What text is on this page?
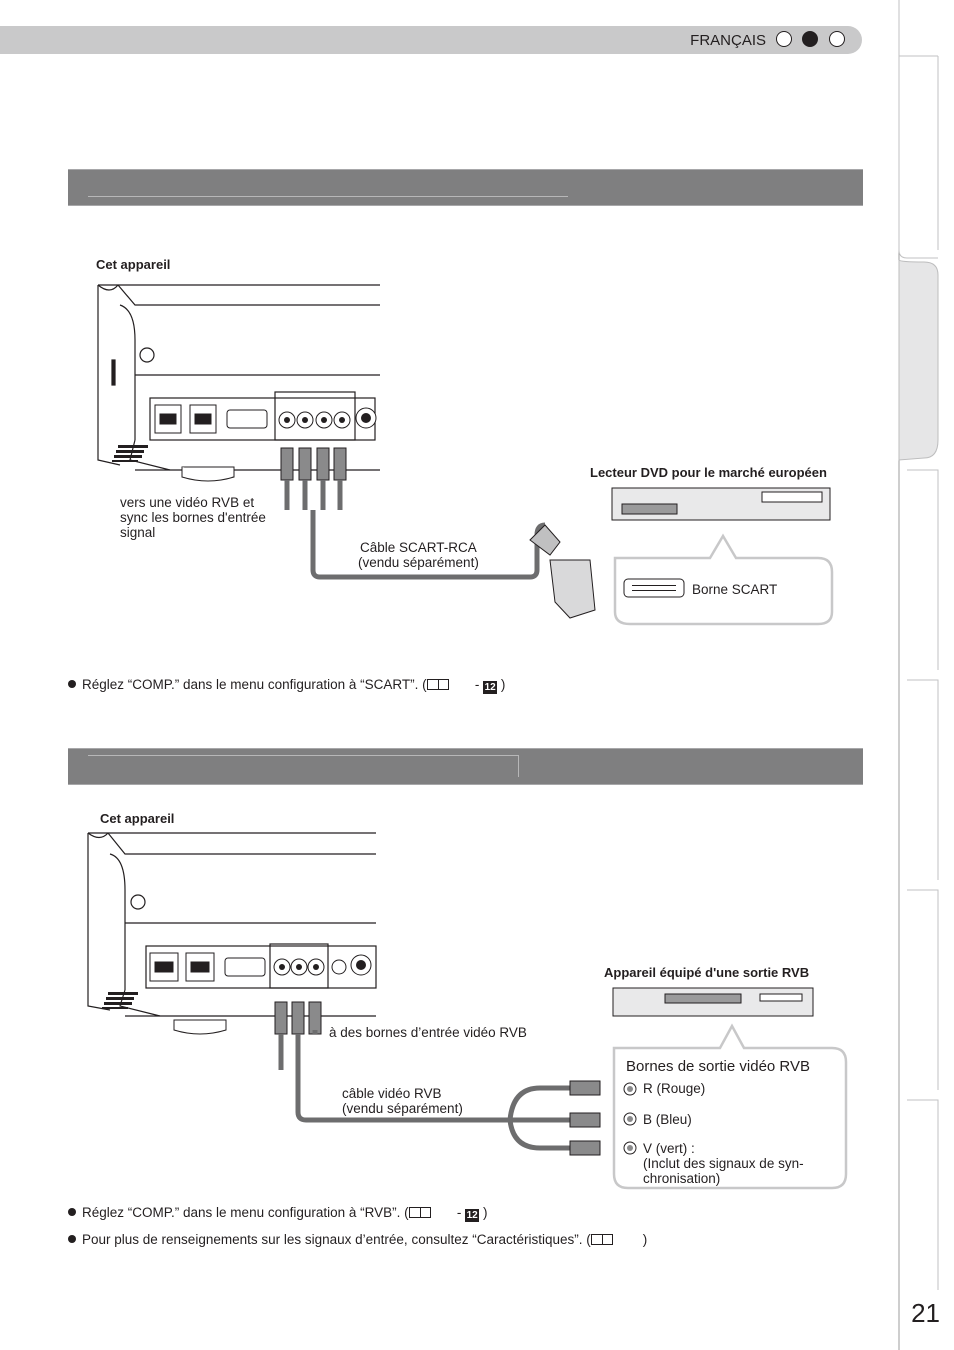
FRANÇAIS
Cet appareil
Lecteur DVD pour le marché européen
vers une vidéo RVB et
sync les bornes d'entrée
signal
Câble SCART-RCA
(vendu séparément)
Borne SCART
Réglez “COMP.” dans le menu configuration à “SCART”. (       - 12 )
Cet appareil
Appareil équipé d'une sortie RVB
à des bornes d’entrée vidéo RVB
câble vidéo RVB
(vendu séparément)
Bornes de sortie vidéo RVB
R (Rouge)
B (Bleu)
V (vert) :
(Inclut des signaux de syn-
chronisation)
Réglez “COMP.” dans le menu configuration à “RVB”. (       - 12 )
Pour plus de renseignements sur les signaux d’entrée, consultez “Caractéristiques”. (	)
21
